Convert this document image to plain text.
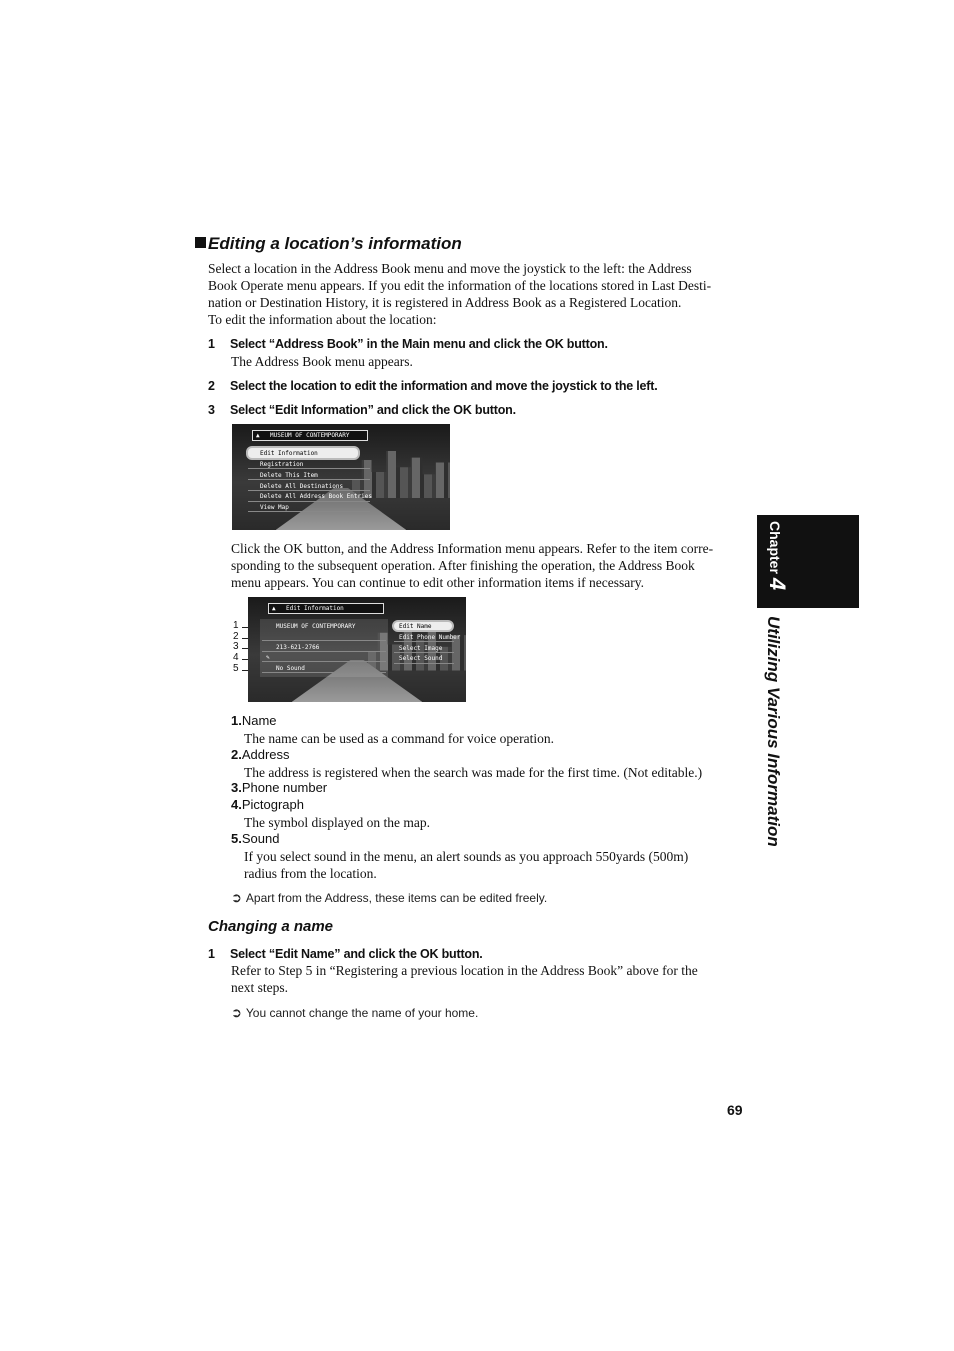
Editing a location’s information
Select a location in the Address Book menu and move the joystick to the left: the Address
Book Operate menu appears. If you edit the information of the locations stored in Last Desti-
nation or Destination History, it is registered in Address Book as a Registered Location.
To edit the information about the location:
1 Select “Address Book” in the Main menu and click the OK button.
The Address Book menu appears.
2 Select the location to edit the information and move the joystick to the left.
3 Select “Edit Information” and click the OK button.
▲ MUSEUM OF CONTEMPORARY
Edit Information
Registration
Delete This Item
Delete All Destinations
Delete All Address Book Entries
View Map
Click the OK button, and the Address Information menu appears. Refer to the item corre-
sponding to the subsequent operation. After finishing the operation, the Address Book
menu appears. You can continue to edit other information items if necessary.
1
2
3
4
5
▲ Edit Information
MUSEUM OF CONTEMPORARY
213-621-2766
✎
No Sound
Edit Name
Edit Phone Number
Select Image
Select Sound
1.Name
The name can be used as a command for voice operation.
2.Address
The address is registered when the search was made for the first time. (Not editable.)
3.Phone number
4.Pictograph
The symbol displayed on the map.
5.Sound
If you select sound in the menu, an alert sounds as you approach 550yards (500m)
radius from the location.
➲ Apart from the Address, these items can be edited freely.
Changing a name
1 Select “Edit Name” and click the OK button.
Refer to Step 5 in “Registering a previous location in the Address Book” above for the
next steps.
➲ You cannot change the name of your home.
69
Chapter4
Utilizing Various Information
